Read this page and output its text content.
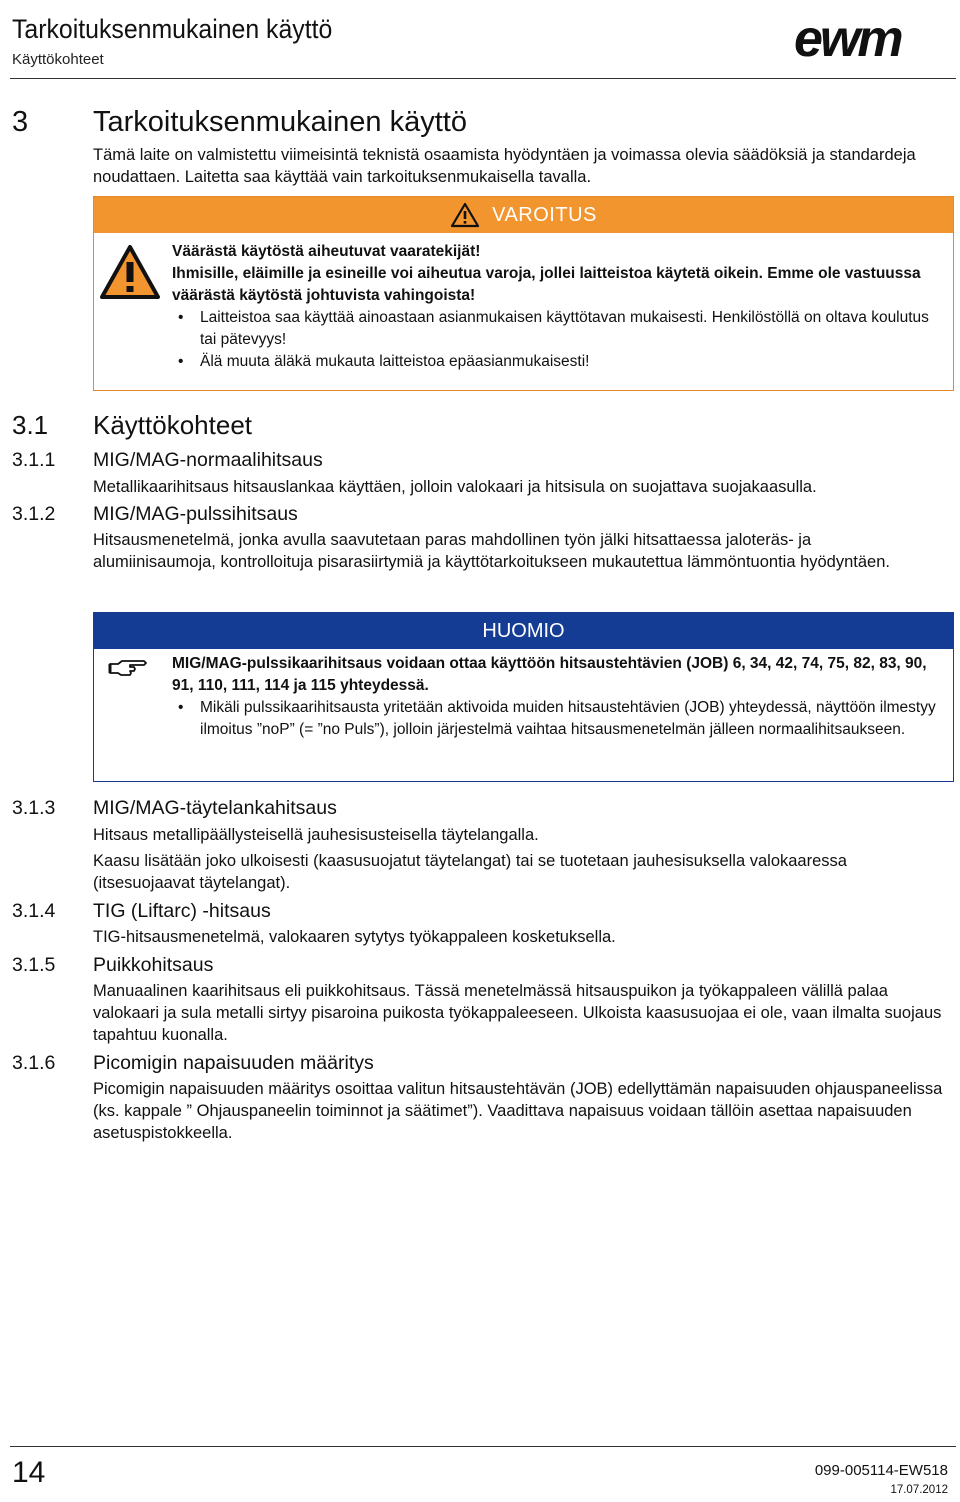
Tarkoituksenmukainen käyttö
Käyttökohteet	ewm
3 Tarkoituksenmukainen käyttö
Tämä laite on valmistettu viimeisintä teknistä osaamista hyödyntäen ja voimassa olevia säädöksiä ja standardeja noudattaen. Laitetta saa käyttää vain tarkoituksenmukaisella tavalla.
VAROITUS
Väärästä käytöstä aiheutuvat vaaratekijät!
Ihmisille, eläimille ja esineille voi aiheutua varoja, jollei laitteistoa käytetä oikein. Emme ole vastuussa väärästä käytöstä johtuvista vahingoista!
• Laitteistoa saa käyttää ainoastaan asianmukaisen käyttötavan mukaisesti. Henkilöstöllä on oltava koulutus tai pätevyys!
• Älä muuta äläkä mukauta laitteistoa epäasianmukaisesti!
3.1 Käyttökohteet
3.1.1 MIG/MAG-normaalihitsaus
Metallikaarihitsaus hitsauslankaa käyttäen, jolloin valokaari ja hitsisula on suojattava suojakaasulla.
3.1.2 MIG/MAG-pulssihitsaus
Hitsausmenetelmä, jonka avulla saavutetaan paras mahdollinen työn jälki hitsattaessa jaloteräs- ja alumiinisaumoja, kontrolloituja pisarasiirtymiä ja käyttötarkoitukseen mukautettua lämmöntuontia hyödyntäen.
HUOMIO
MIG/MAG-pulssikaarihitsaus voidaan ottaa käyttöön hitsaustehtävien (JOB) 6, 34, 42, 74, 75, 82, 83, 90, 91, 110, 111, 114 ja 115 yhteydessä.
• Mikäli pulssikaarihitsausta yritetään aktivoida muiden hitsaustehtävien (JOB) yhteydessä, näyttöön ilmestyy ilmoitus ”noP” (= ”no Puls”), jolloin järjestelmä vaihtaa hitsausmenetelmän jälleen normaalihitsaukseen.
3.1.3 MIG/MAG-täytelankahitsaus
Hitsaus metallipäällysteisellä jauhesisusteisella täytelangalla.
Kaasu lisätään joko ulkoisesti (kaasusuojatut täytelangat) tai se tuotetaan jauhesisuksella valokaaressa (itsesuojaavat täytelangat).
3.1.4 TIG (Liftarc) -hitsaus
TIG-hitsausmenetelmä, valokaaren sytytys työkappaleen kosketuksella.
3.1.5 Puikkohitsaus
Manuaalinen kaarihitsaus eli puikkohitsaus. Tässä menetelmässä hitsauspuikon ja työkappaleen välillä palaa valokaari ja sula metalli sirtyy pisaroina puikosta työkappaleeseen. Ulkoista kaasusuojaa ei ole, vaan ilmalta suojaus tapahtuu kuonalla.
3.1.6 Picomigin napaisuuden määritys
Picomigin napaisuuden määritys osoittaa valitun hitsaustehtävän (JOB) edellyttämän napaisuuden ohjauspaneelissa (ks. kappale ” Ohjauspaneelin toiminnot ja säätimet”). Vaadittava napaisuus voidaan tällöin asettaa napaisuuden asetuspistokkeella.
14	099-005114-EW518
17.07.2012
